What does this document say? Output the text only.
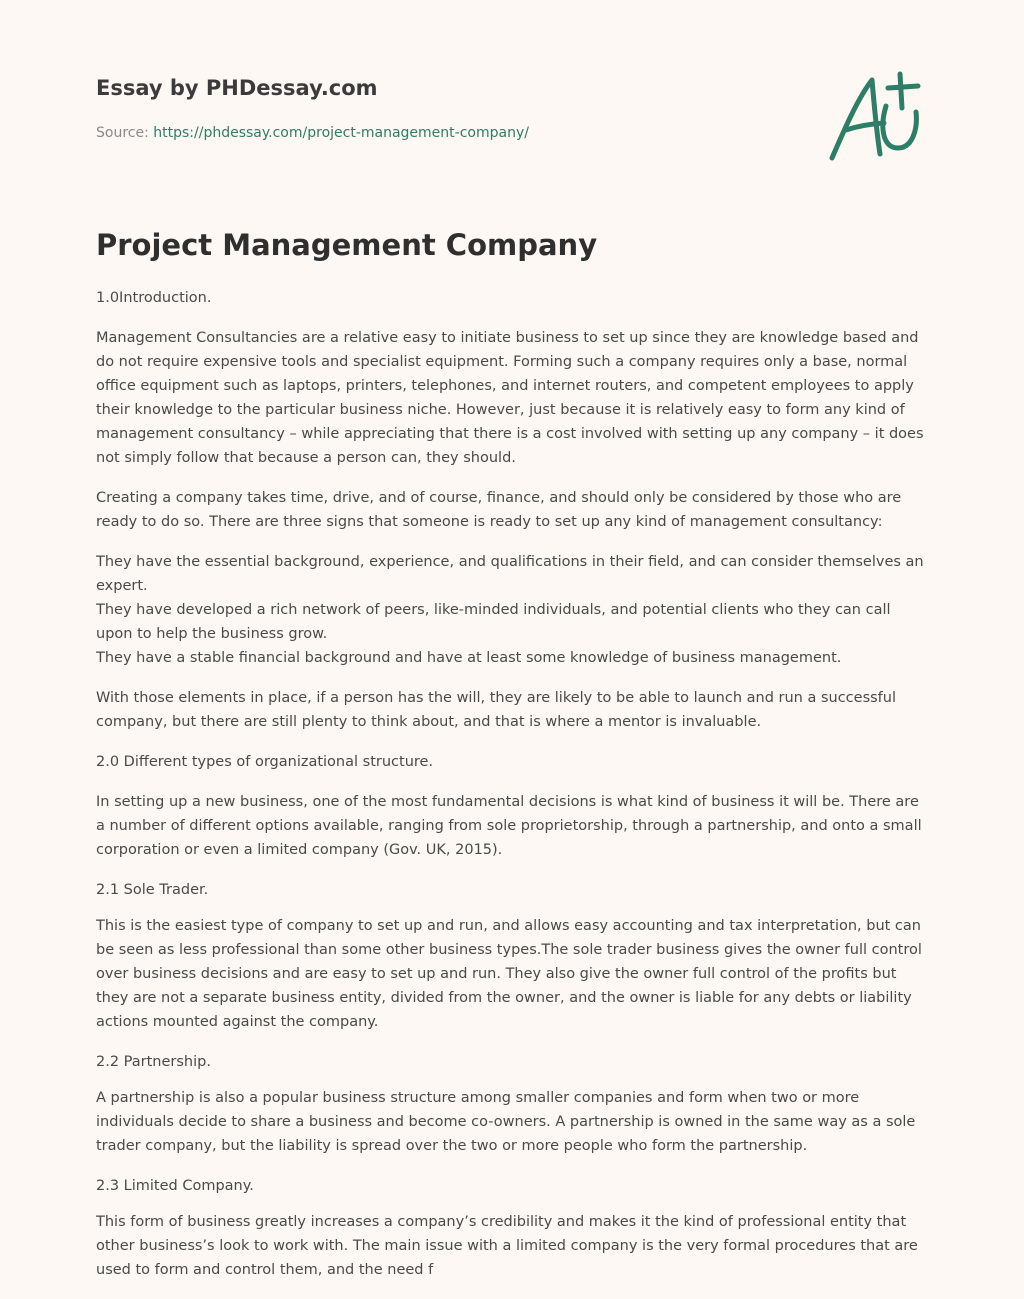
Essay by PHDessay.com
Source: https://phdessay.com/project-management-company/
Project Management Company

1.0Introduction.

Management Consultancies are a relative easy to initiate business to set up since they are knowledge based and do not require expensive tools and specialist equipment. Forming such a company requires only a base, normal office equipment such as laptops, printers, telephones, and internet routers, and competent employees to apply their knowledge to the particular business niche. However, just because it is relatively easy to form any kind of management consultancy – while appreciating that there is a cost involved with setting up any company – it does not simply follow that because a person can, they should.

Creating a company takes time, drive, and of course, finance, and should only be considered by those who are ready to do so. There are three signs that someone is ready to set up any kind of management consultancy:

They have the essential background, experience, and qualifications in their field, and can consider themselves an expert.
They have developed a rich network of peers, like-minded individuals, and potential clients who they can call upon to help the business grow.
They have a stable financial background and have at least some knowledge of business management.

With those elements in place, if a person has the will, they are likely to be able to launch and run a successful company, but there are still plenty to think about, and that is where a mentor is invaluable.

2.0 Different types of organizational structure.

In setting up a new business, one of the most fundamental decisions is what kind of business it will be. There are a number of different options available, ranging from sole proprietorship, through a partnership, and onto a small corporation or even a limited company (Gov. UK, 2015).

2.1 Sole Trader.

This is the easiest type of company to set up and run, and allows easy accounting and tax interpretation, but can be seen as less professional than some other business types.The sole trader business gives the owner full control over business decisions and are easy to set up and run. They also give the owner full control of the profits but they are not a separate business entity, divided from the owner, and the owner is liable for any debts or liability actions mounted against the company.

2.2 Partnership.

A partnership is also a popular business structure among smaller companies and form when two or more individuals decide to share a business and become co-owners. A partnership is owned in the same way as a sole trader company, but the liability is spread over the two or more people who form the partnership.

2.3 Limited Company.

This form of business greatly increases a company’s credibility and makes it the kind of professional entity that other business’s look to work with. The main issue with a limited company is the very formal procedures that are used to form and control them, and the need f
